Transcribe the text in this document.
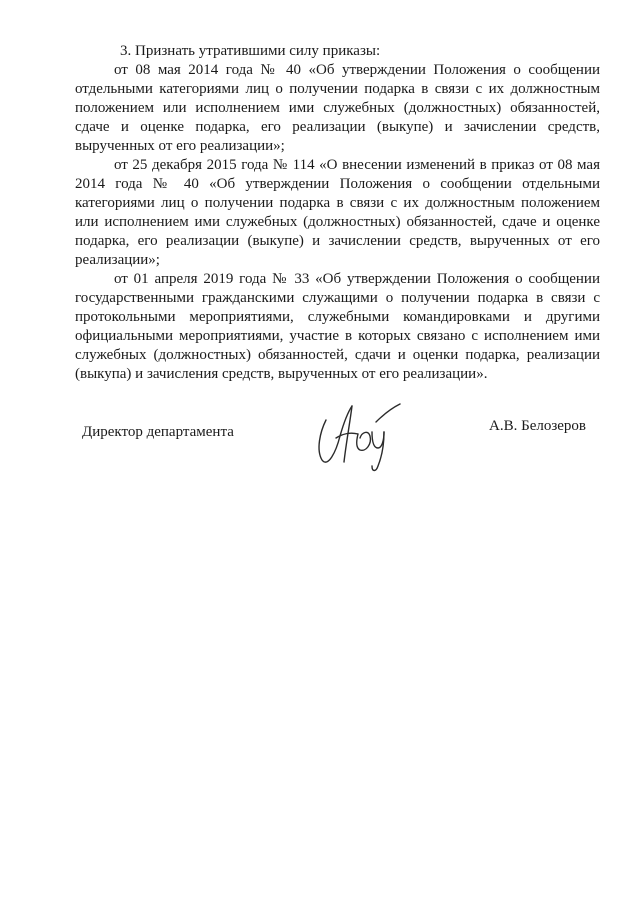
3. Признать утратившими силу приказы:

от 08 мая 2014 года № 40 «Об утверждении Положения о сообщении отдельными категориями лиц о получении подарка в связи с их должностным положением или исполнением ими служебных (должностных) обязанностей, сдаче и оценке подарка, его реализации (выкупе) и зачислении средств, вырученных от его реализации»;

от 25 декабря 2015 года № 114 «О внесении изменений в приказ от 08 мая 2014 года № 40 «Об утверждении Положения о сообщении отдельными категориями лиц о получении подарка в связи с их должностным положением или исполнением ими служебных (должностных) обязанностей, сдаче и оценке подарка, его реализации (выкупе) и зачислении средств, вырученных от его реализации»;

от 01 апреля 2019 года № 33 «Об утверждении Положения о сообщении государственными гражданскими служащими о получении подарка в связи с протокольными мероприятиями, служебными командировками и другими официальными мероприятиями, участие в которых связано с исполнением ими служебных (должностных) обязанностей, сдачи и оценки подарка, реализации (выкупа) и зачисления средств, вырученных от его реализации».

Директор департамента	А.В. Белозеров
